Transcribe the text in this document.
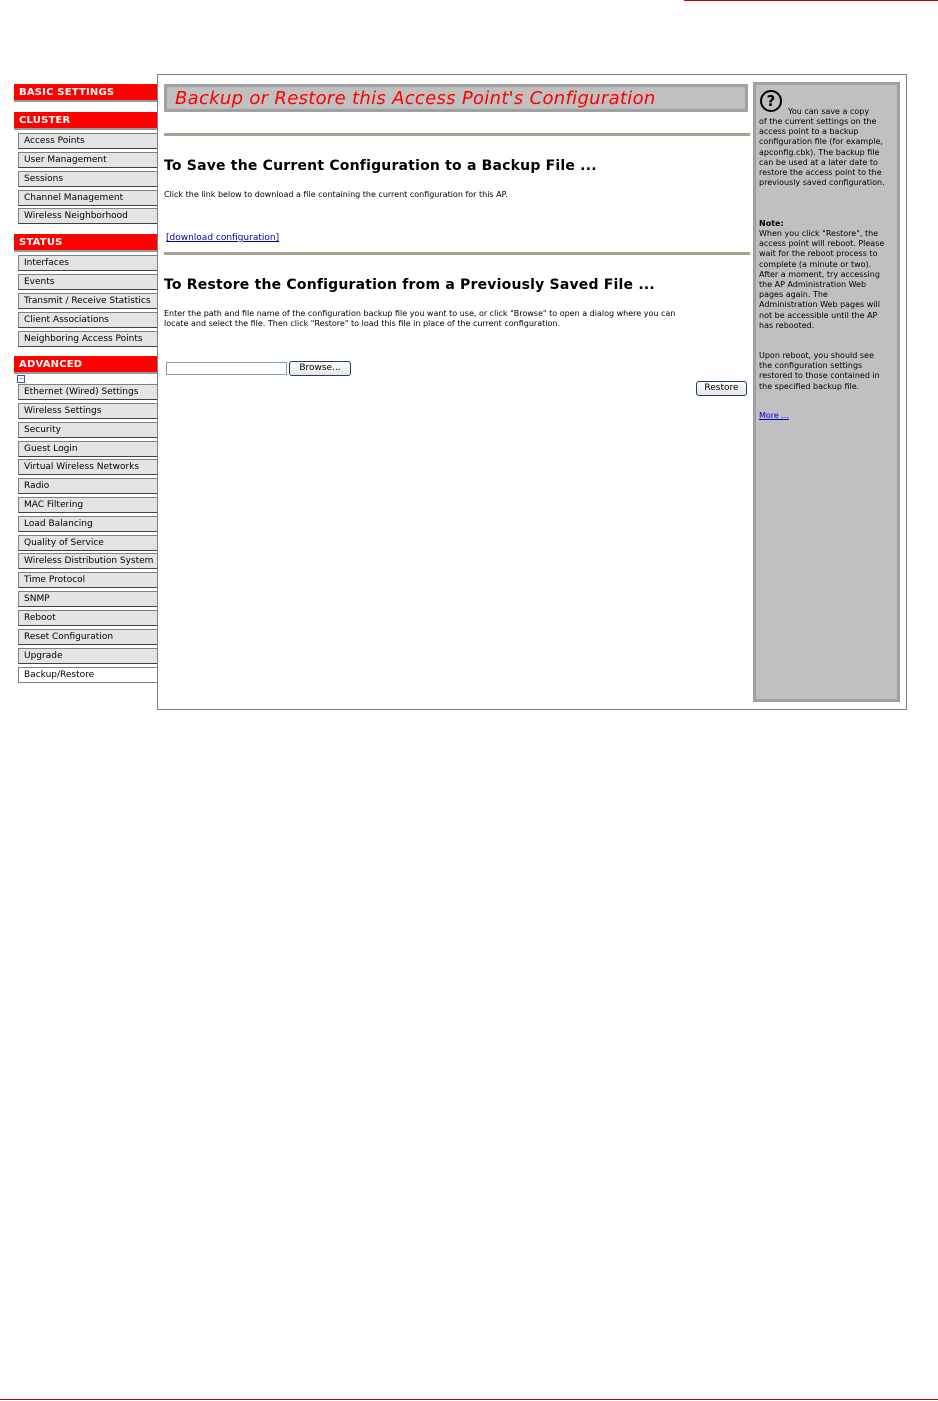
BASIC SETTINGS
CLUSTER
Access Points
User Management
Sessions
Channel Management
Wireless Neighborhood
STATUS
Interfaces
Events
Transmit / Receive Statistics
Client Associations
Neighboring Access Points
ADVANCED
−
Ethernet (Wired) Settings
Wireless Settings
Security
Guest Login
Virtual Wireless Networks
Radio
MAC Filtering
Load Balancing
Quality of Service
Wireless Distribution System
Time Protocol
SNMP
Reboot
Reset Configuration
Upgrade
Backup/Restore
Backup or Restore this Access Point's Configuration
To Save the Current Configuration to a Backup File ...
Click the link below to download a file containing the current configuration for this AP.
[download configuration]
To Restore the Configuration from a Previously Saved File ...
Enter the path and file name of the configuration backup file you want to use, or click "Browse" to open a dialog where you can
locate and select the file. Then click "Restore" to load this file in place of the current configuration.
Browse...
Restore
?
You can save a copy
of the current settings on the access point to a backup configuration file (for example, apconfig.cbk). The backup file can be used at a later date to restore the access point to the previously saved configuration.
Note:
When you click "Restore", the access point will reboot. Please wait for the reboot process to complete (a minute or two). After a moment, try accessing the AP Administration Web pages again. The Administration Web pages will not be accessible until the AP has rebooted.
Upon reboot, you should see the configuration settings restored to those contained in the specified backup file.
More ...
